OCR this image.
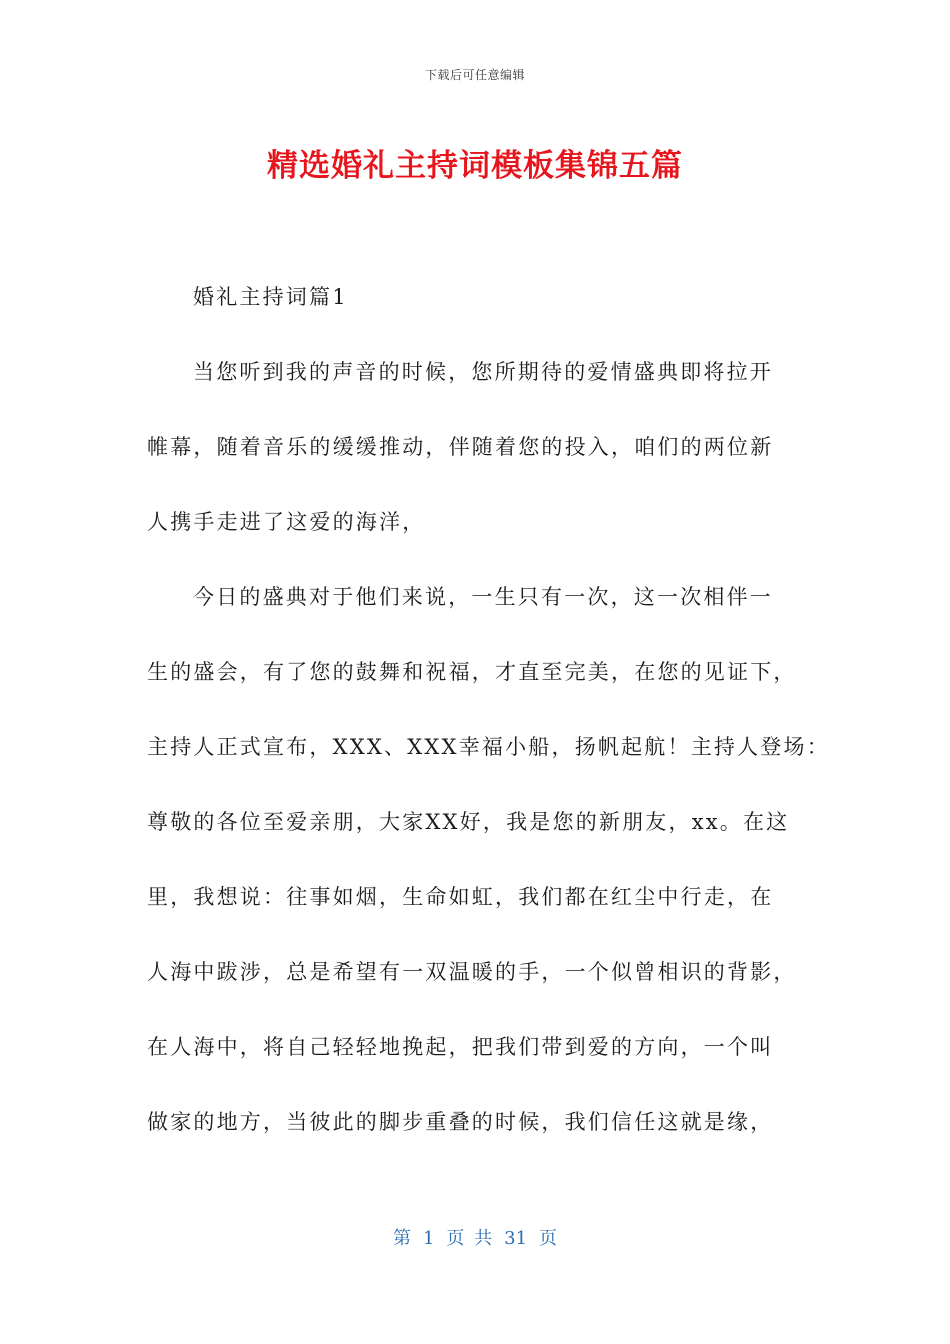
下载后可任意编辑
精选婚礼主持词模板集锦五篇
婚礼主持词篇1
当您听到我的声音的时候，您所期待的爱情盛典即将拉开
帷幕，随着音乐的缓缓推动，伴随着您的投入，咱们的两位新
人携手走进了这爱的海洋，
今日的盛典对于他们来说，一生只有一次，这一次相伴一
生的盛会，有了您的鼓舞和祝福，才直至完美，在您的见证下，
主持人正式宣布，XXX、XXX幸福小船，扬帆起航！主持人登场：
尊敬的各位至爱亲朋，大家XX好，我是您的新朋友，xx。在这
里，我想说：往事如烟，生命如虹，我们都在红尘中行走，在
人海中跋涉，总是希望有一双温暖的手，一个似曾相识的背影，
在人海中，将自己轻轻地挽起，把我们带到爱的方向，一个叫
做家的地方，当彼此的脚步重叠的时候，我们信任这就是缘，
第 1 页 共 31 页
